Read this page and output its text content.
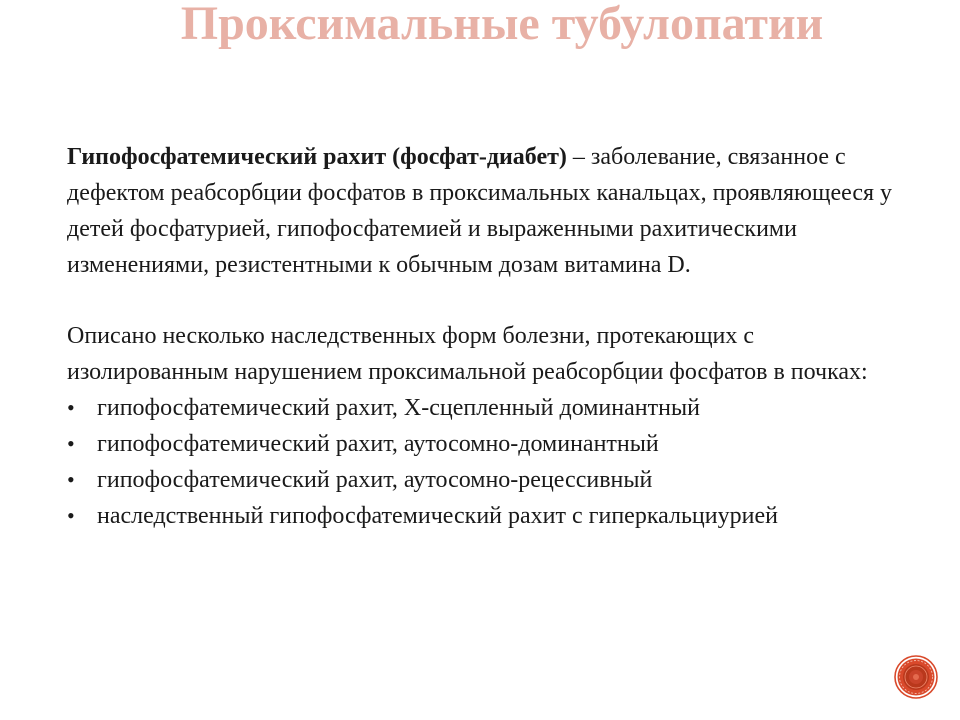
Проксимальные тубулопатии

Гипофосфатемический рахит (фосфат-диабет) – заболевание, связанное с дефектом реабсорбции фосфатов в проксимальных канальцах, проявляющееся у детей фосфатурией, гипофосфатемией и выраженными рахитическими изменениями, резистентными к обычным дозам витамина D.

Описано несколько наследственных форм болезни, протекающих с изолированным нарушением проксимальной реабсорбции фосфатов в почках:

• гипофосфатемический рахит, Х-сцепленный доминантный
• гипофосфатемический рахит, аутосомно-доминантный
• гипофосфатемический рахит, аутосомно-рецессивный
• наследственный гипофосфатемический рахит с гиперкальциурией
